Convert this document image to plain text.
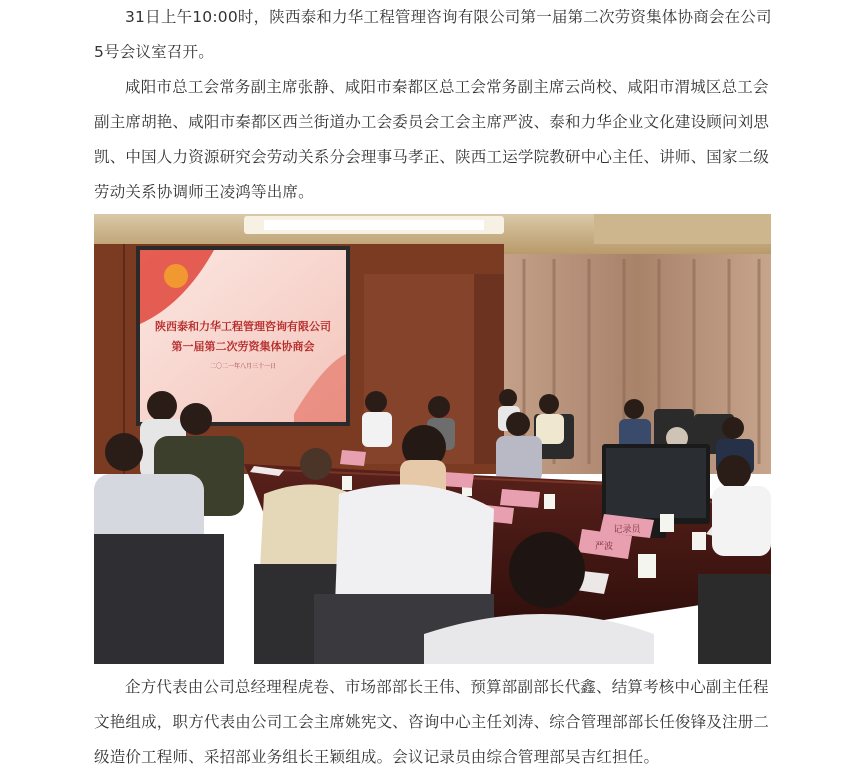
31日上午10:00时，陕西泰和力华工程管理咨询有限公司第一届第二次劳资集体协商会在公司5号会议室召开。

咸阳市总工会常务副主席张静、咸阳市秦都区总工会常务副主席云尚校、咸阳市渭城区总工会副主席胡艳、咸阳市秦都区西兰街道办工会委员会工会主席严波、泰和力华企业文化建设顾问刘思凯、中国人力资源研究会劳动关系分会理事马孝正、陕西工运学院教研中心主任、讲师、国家二级劳动关系协调师王凌鸿等出席。

陕西泰和力华工程管理咨询有限公司
第一届第二次劳资集体协商会
二〇二一年八月三十一日
记录员
严波

企方代表由公司总经理程虎卷、市场部部长王伟、预算部副部长代鑫、结算考核中心副主任程文艳组成，职方代表由公司工会主席姚宪文、咨询中心主任刘涛、综合管理部部长任俊锋及注册二级造价工程师、采招部业务组长王颖组成。会议记录员由综合管理部吴吉红担任。
